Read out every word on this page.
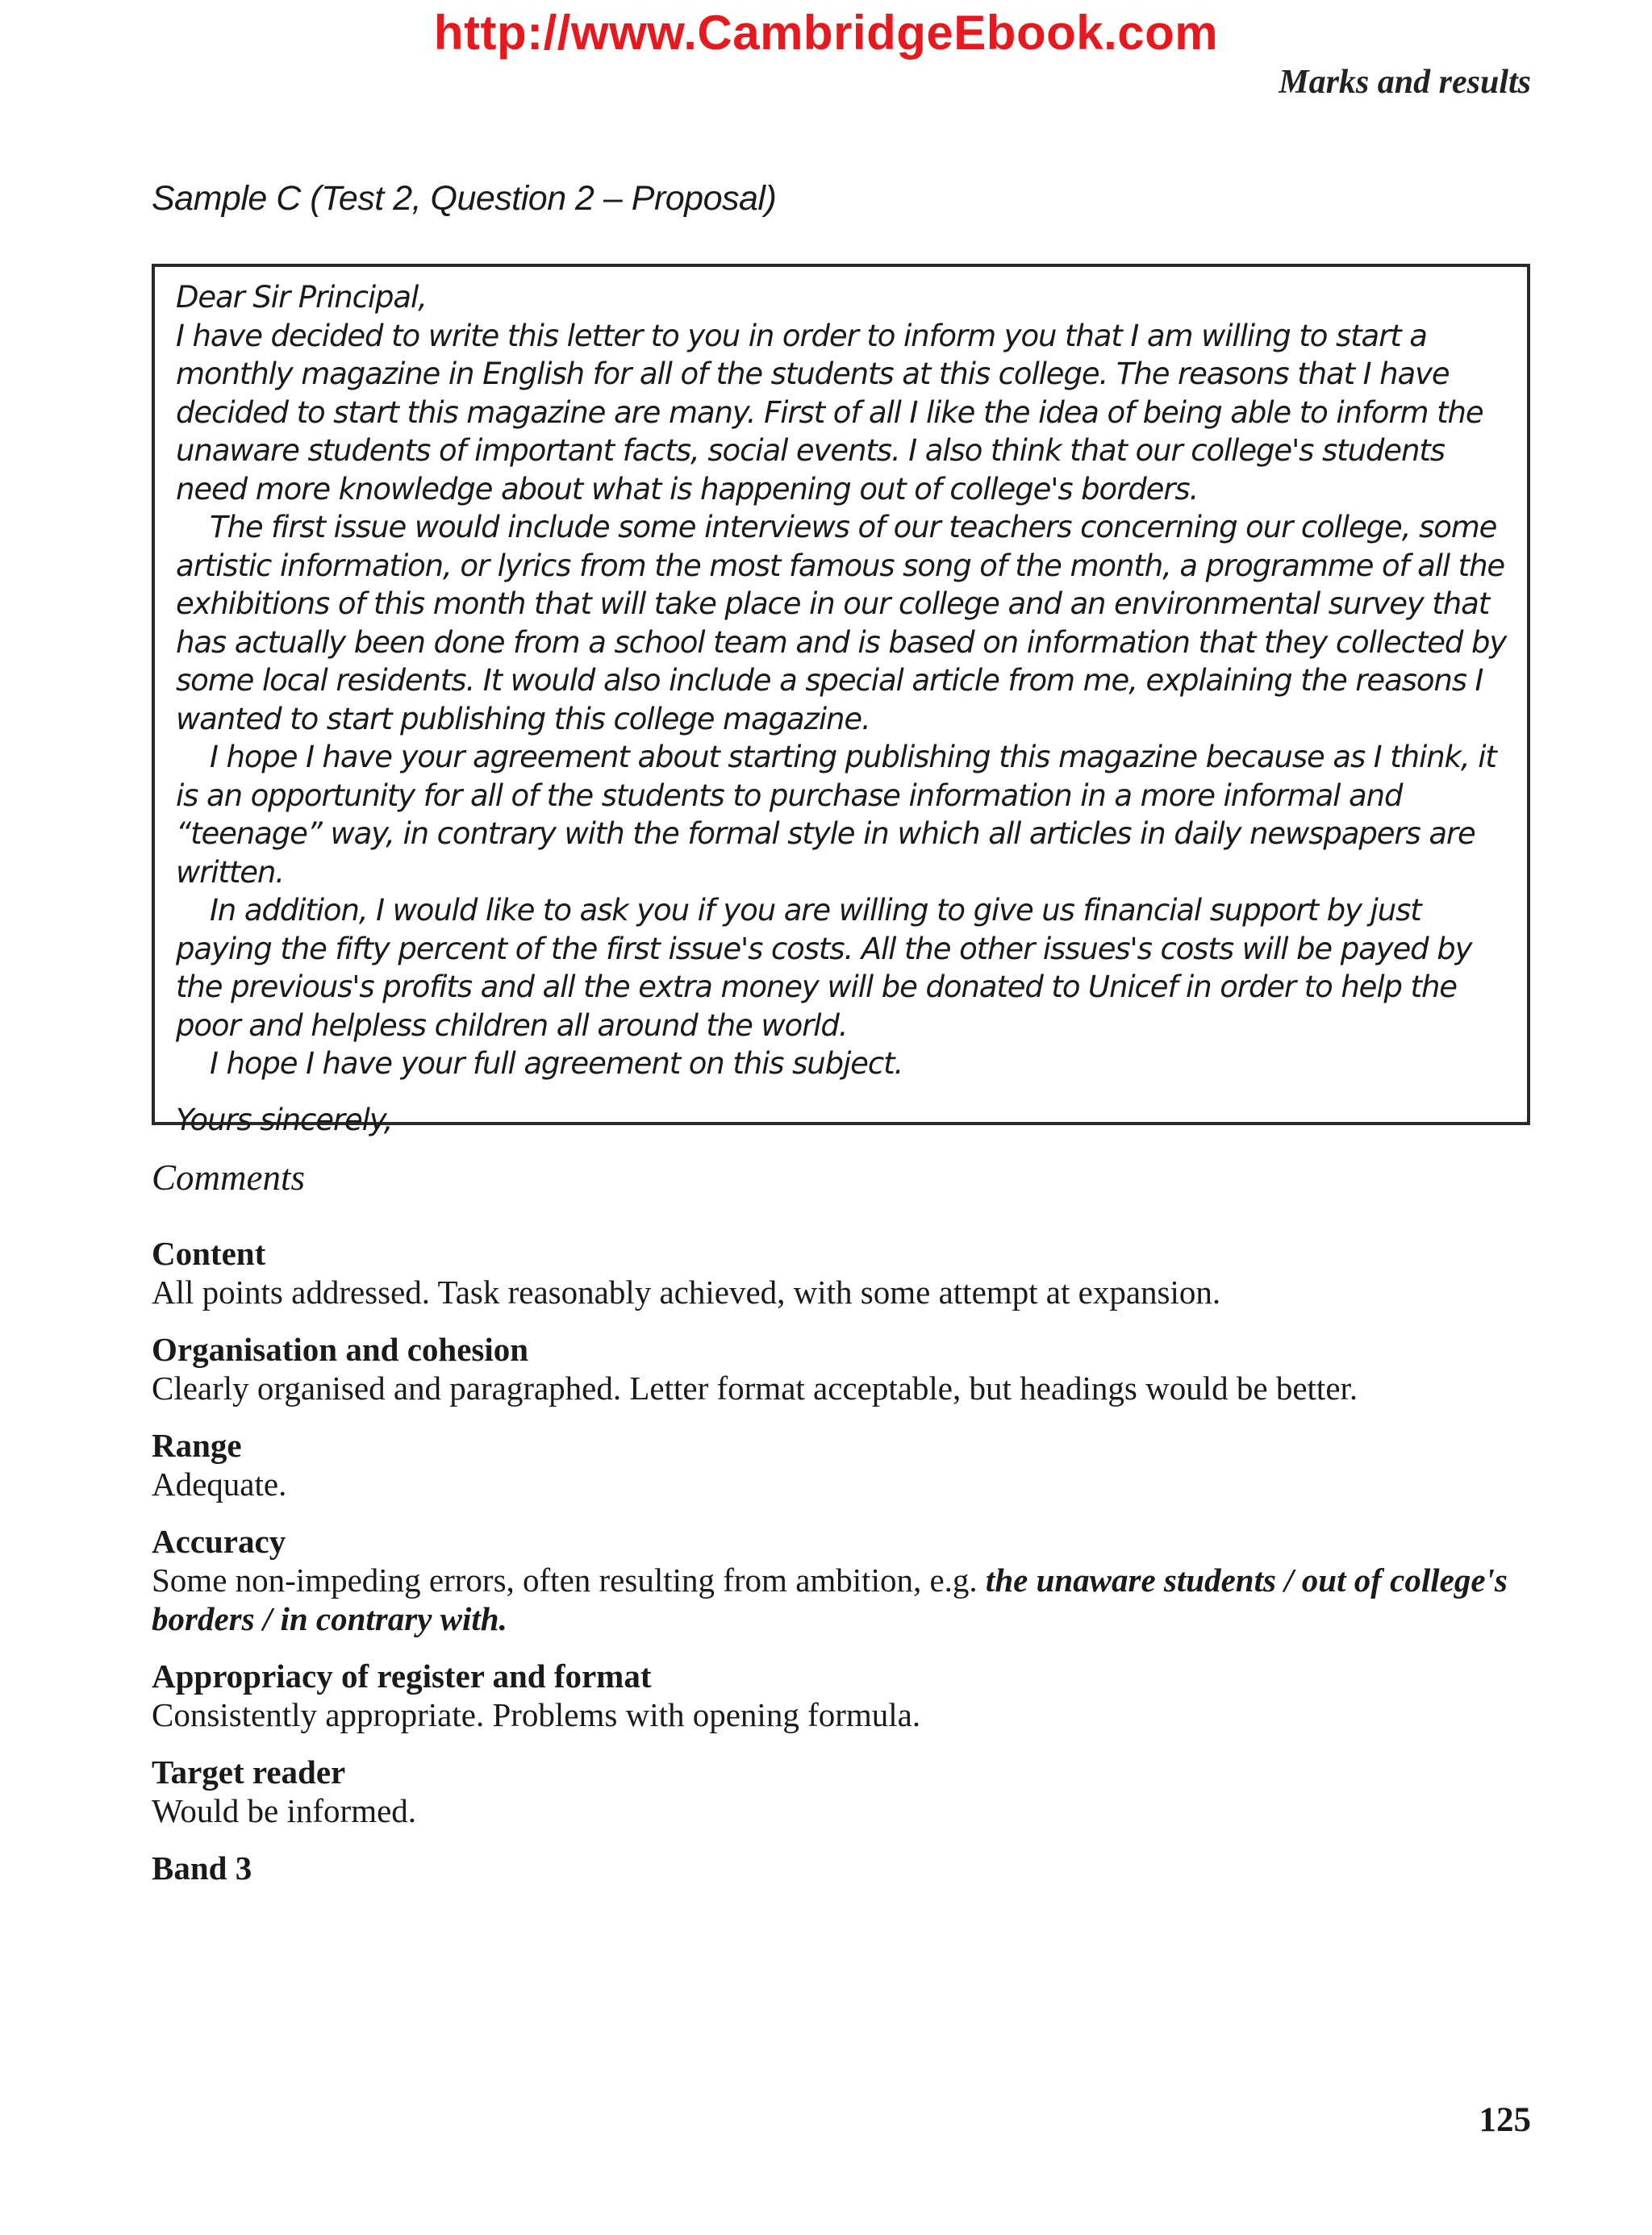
http://www.CambridgeEbook.com
Marks and results
Sample C (Test 2, Question 2 – Proposal)

Dear Sir Principal,

I have decided to write this letter to you in order to inform you that I am willing to start a monthly magazine in English for all of the students at this college. The reasons that I have decided to start this magazine are many. First of all I like the idea of being able to inform the unaware students of important facts, social events. I also think that our college's students need more knowledge about what is happening out of college's borders.

The first issue would include some interviews of our teachers concerning our college, some artistic information, or lyrics from the most famous song of the month, a programme of all the exhibitions of this month that will take place in our college and an environmental survey that has actually been done from a school team and is based on information that they collected by some local residents. It would also include a special article from me, explaining the reasons I wanted to start publishing this college magazine.

I hope I have your agreement about starting publishing this magazine because as I think, it is an opportunity for all of the students to purchase information in a more informal and “teenage” way, in contrary with the formal style in which all articles in daily newspapers are written.

In addition, I would like to ask you if you are willing to give us financial support by just paying the fifty percent of the first issue's costs. All the other issues's costs will be payed by the previous's profits and all the extra money will be donated to Unicef in order to help the poor and helpless children all around the world.

I hope I have your full agreement on this subject.

Yours sincerely,

Comments
Content
All points addressed. Task reasonably achieved, with some attempt at expansion.
Organisation and cohesion
Clearly organised and paragraphed. Letter format acceptable, but headings would be better.
Range
Adequate.
Accuracy
Some non-impeding errors, often resulting from ambition, e.g. the unaware students / out of college's borders / in contrary with.
Appropriacy of register and format
Consistently appropriate. Problems with opening formula.
Target reader
Would be informed.
Band 3
125
